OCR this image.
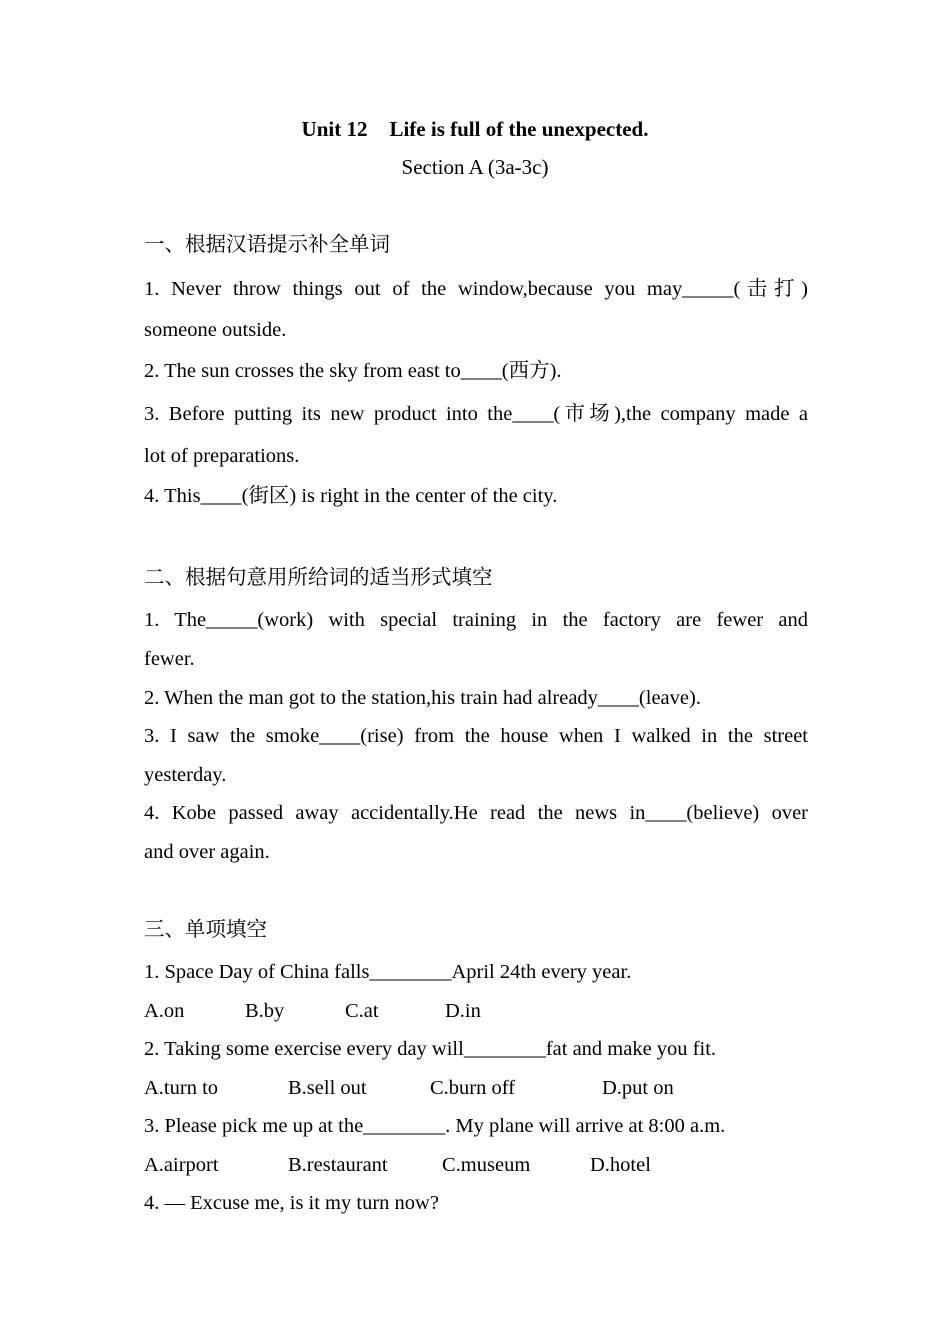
Unit 12 Life is full of the unexpected.
Section A (3a-3c)
一、根据汉语提示补全单词
1. Never throw things out of the window,because you may_____(击打)
someone outside.
2. The sun crosses the sky from east to____(西方).
3. Before putting its new product into the____(市场),the company made a
lot of preparations.
4. This____(街区) is right in the center of the city.
二、根据句意用所给词的适当形式填空
1. The_____(work) with special training in the factory are fewer and
fewer.
2. When the man got to the station,his train had already____(leave).
3. I saw the smoke____(rise) from the house when I walked in the street
yesterday.
4. Kobe passed away accidentally.He read the news in____(believe) over
and over again.
三、单项填空
1. Space Day of China falls________April 24th every year.
A.on	B.by	C.at	D.in
2. Taking some exercise every day will________fat and make you fit.
A.turn to	B.sell out	C.burn off	D.put on
3. Please pick me up at the________. My plane will arrive at 8:00 a.m.
A.airport	B.restaurant	C.museum	D.hotel
4. — Excuse me, is it my turn now?
